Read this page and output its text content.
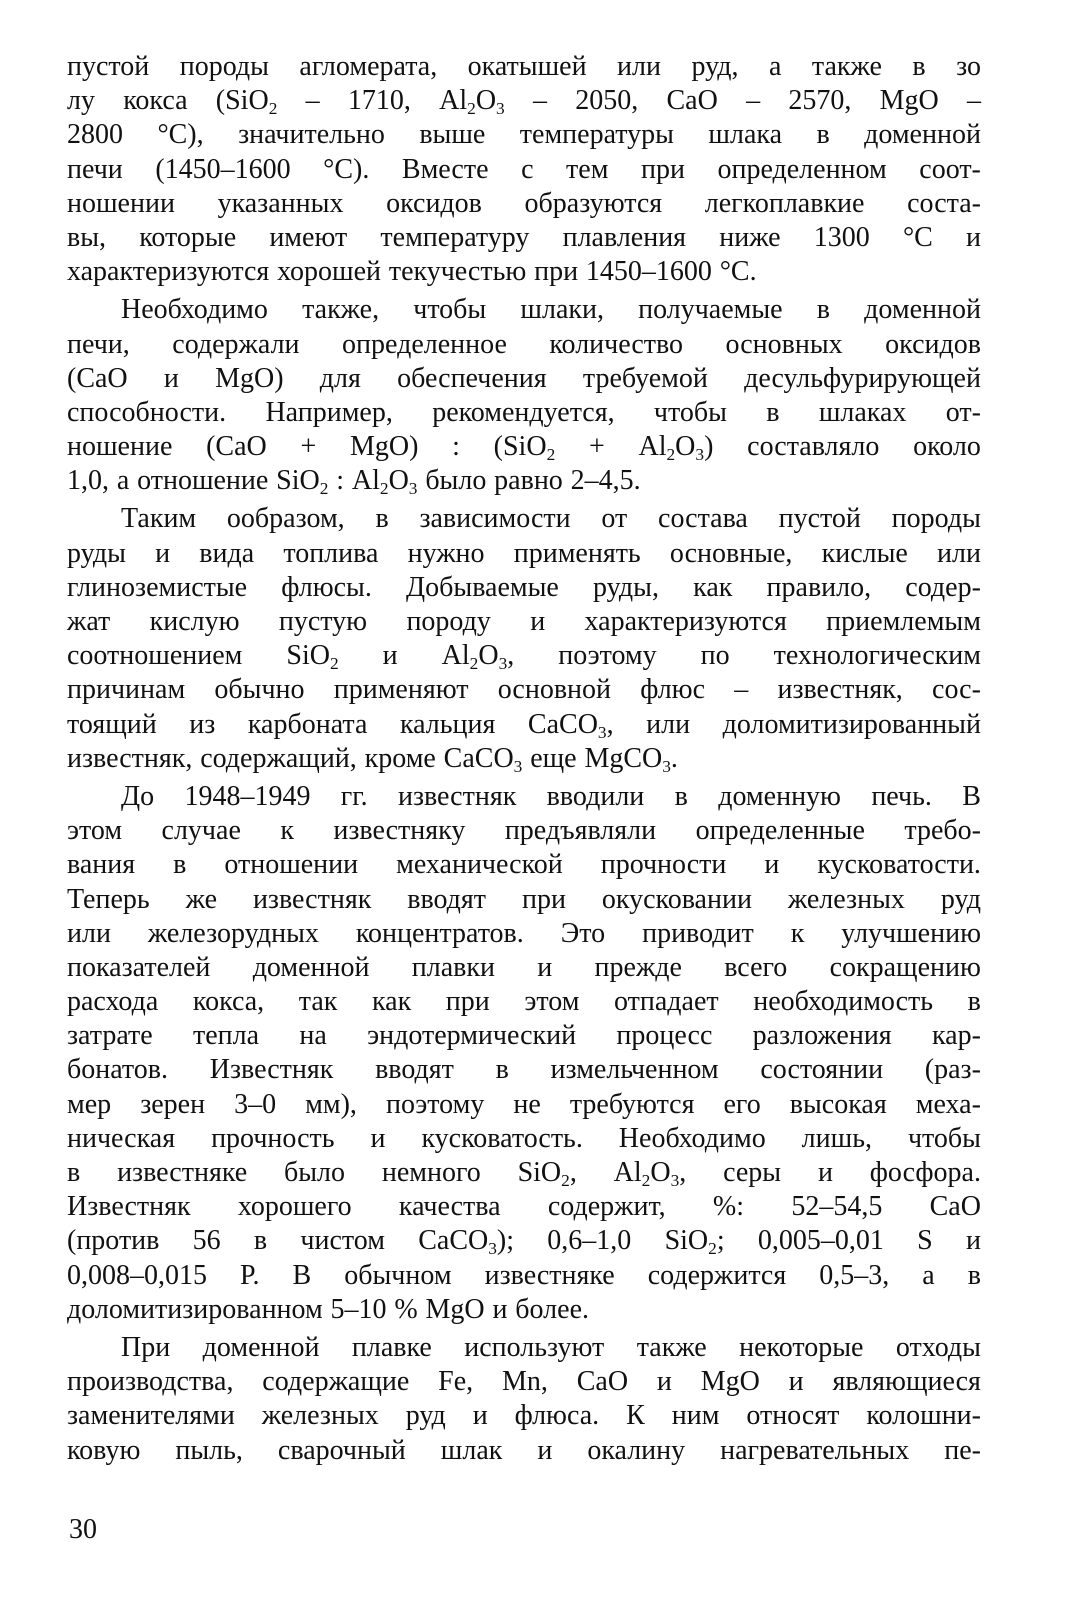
пустой породы агломерата, окатышей или руд, а также в зо
лу кокса (SiO$_2$ – 1710, $Al_2O_3 - 2050$, CaO – 2570, MgO –
2800 °C), значительно выше температуры шлака в доменной
печи (1450–1600 °C). Вместе с тем при определенном соот-
ношении указанных оксидов образуются легкоплавкие соста-
вы, которые имеют температуру плавления ниже 1300 °C и
характеризуются хорошей текучестью при 1450–1600 °C.
Необходимо также, чтобы шлаки, получаемые в доменной
печи, содержали определенное количество основных оксидов
(CaO и MgO) для обеспечения требуемой десульфурирующей
способности. Например, рекомендуется, чтобы в шлаках от-
ношение (CaO + MgO) : $(SiO_2 + Al_2O_3)$ составляло около
1,0, а отношение SiO$_2$ : $Al_2O_3$ было равно 2–4,5.
Таким ообразом, в зависимости от состава пустой породы
руды и вида топлива нужно применять основные, кислые или
глиноземистые флюсы. Добываемые руды, как правило, содер-
жат кислую пустую породу и характеризуются приемлемым
соотношением SiO$_2$ и $Al_2O_3$, поэтому по технологическим
причинам обычно применяют основной флюс – известняк, сос-
тоящий из карбоната кальция CaCO$_3$, или доломитизированный
известняк, содержащий, кроме CaCO$_3$ еще MgCO$_3$.
До 1948–1949 гг. известняк вводили в доменную печь. В
этом случае к известняку предъявляли определенные требо-
вания в отношении механической прочности и кусковатости.
Теперь же известняк вводят при окусковании железных руд
или железорудных концентратов. Это приводит к улучшению
показателей доменной плавки и прежде всего сокращению
расхода кокса, так как при этом отпадает необходимость в
затрате тепла на эндотермический процесс разложения кар-
бонатов. Известняк вводят в измельченном состоянии (раз-
мер зерен 3–0 мм), поэтому не требуются его высокая меха-
ническая прочность и кусковатость. Необходимо лишь, чтобы
в известняке было немного SiO$_2$, $Al_2O_3$, серы и фосфора.
Известняк хорошего качества содержит, %: 52–54,5 CaO
(против 56 в чистом CaCO$_3$); 0,6–1,0 SiO$_2$; 0,005–0,01 S и
0,008–0,015 P. В обычном известняке содержится 0,5–3, а в
доломитизированном 5–10 % MgO и более.
При доменной плавке используют также некоторые отходы
производства, содержащие Fe, Mn, CaO и MgO и являющиеся
заменителями железных руд и флюса. К ним относят колошни-
ковую пыль, сварочный шлак и окалину нагревательных пе-
30
